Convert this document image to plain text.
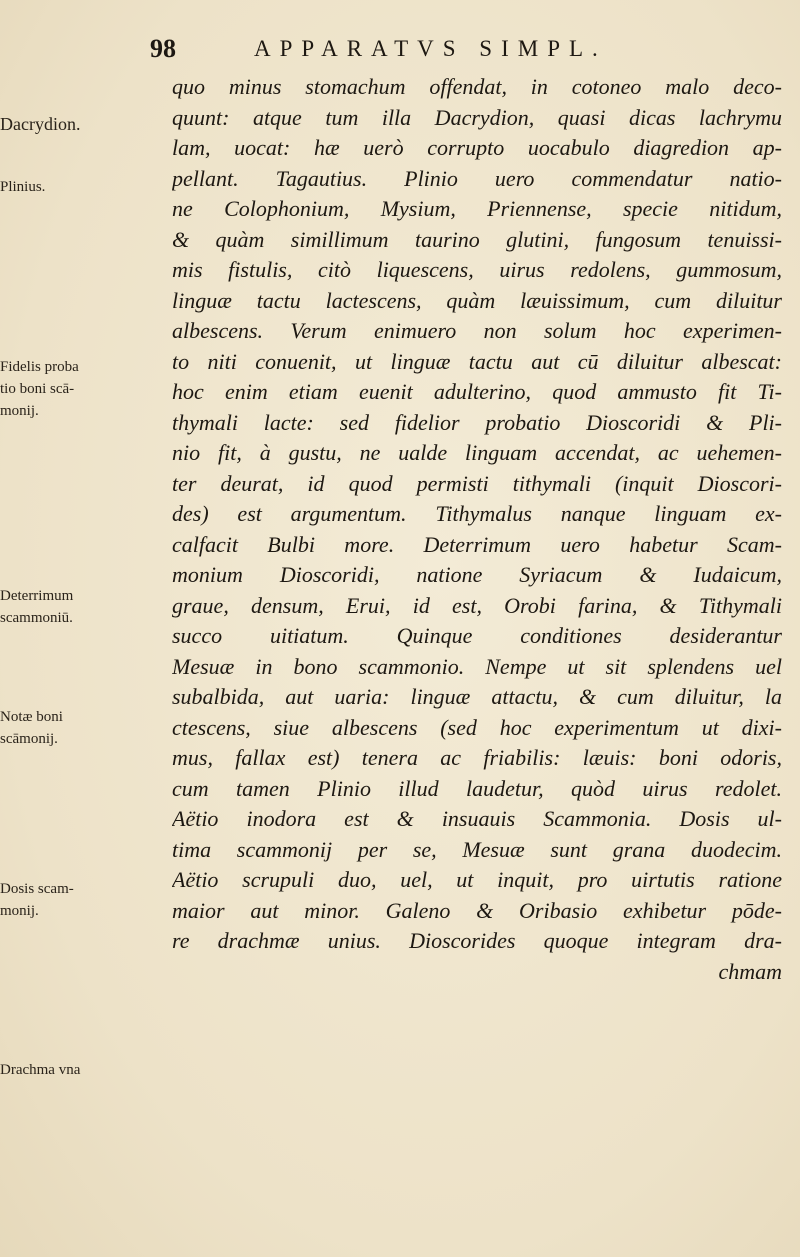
98	APPARATVS SIMPL.
quo minus stomachum offendat, in cotoneo malo deco-
quunt: atque tum illa Dacrydion, quasi dicas lachrymu
lam, uocat: hæ uerò corrupto uocabulo diagredion ap-
pellant. Tagautius. Plinio uero commendatur natio-
ne Colophonium, Mysium, Priennense, specie nitidum,
& quàm simillimum taurino glutini, fungosum tenuissi-
mis fistulis, citò liquescens, uirus redolens, gummosum,
linguæ tactu lactescens, quàm læuissimum, cum diluitur
albescens. Verum enimuero non solum hoc experimen-
to niti conuenit, ut linguæ tactu aut cū diluitur albescat:
hoc enim etiam euenit adulterino, quod ammusto fit Ti-
thymali lacte: sed fidelior probatio Dioscoridi & Pli-
nio fit, à gustu, ne ualde linguam accendat, ac uehemen-
ter deurat, id quod permisti tithymali (inquit Dioscori-
des) est argumentum. Tithymalus nanque linguam ex-
calfacit Bulbi more. Deterrimum uero habetur Scam-
monium Dioscoridi, natione Syriacum & Iudaicum,
graue, densum, Erui, id est, Orobi farina, & Tithymali
succo uitiatum. Quinque conditiones desiderantur
Mesuæ in bono scammonio. Nempe ut sit splendens uel
subalbida, aut uaria: linguæ attactu, & cum diluitur, la
ctescens, siue albescens (sed hoc experimentum ut dixi-
mus, fallax est) tenera ac friabilis: læuis: boni odoris,
cum tamen Plinio illud laudetur, quòd uirus redolet.
Aëtio inodora est & insuauis Scammonia. Dosis ul-
tima scammonij per se, Mesuæ sunt grana duodecim.
Aëtio scrupuli duo, uel, ut inquit, pro uirtutis ratione
maior aut minor. Galeno & Oribasio exhibetur pōde-
re drachmæ unius. Dioscorides quoque integram dra-
chmam
Dacrydion.
Plinius.
Fidelis proba
tio boni scā-
monij.
Deterrimum
scammoniū.
Notæ boni
scāmonij.
Dosis scam-
monij.
Drachma vna
